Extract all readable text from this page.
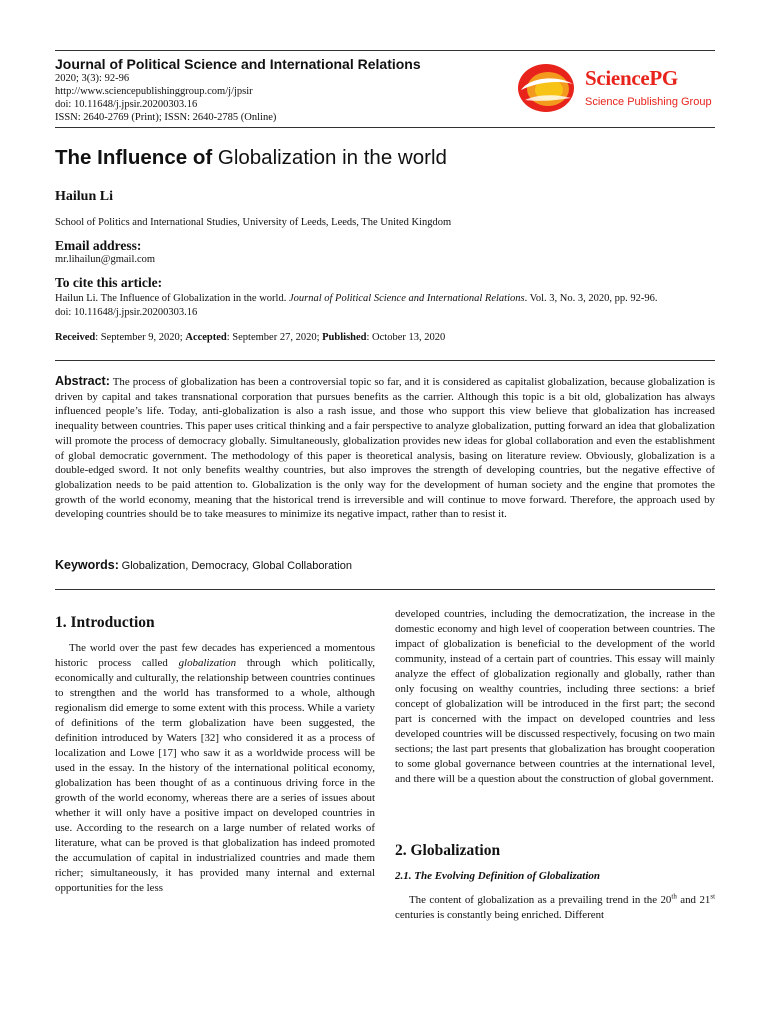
Journal of Political Science and International Relations
2020; 3(3): 92-96
http://www.sciencepublishinggroup.com/j/jpsir
doi: 10.11648/j.jpsir.20200303.16
ISSN: 2640-2769 (Print); ISSN: 2640-2785 (Online)
SciencePG
Science Publishing Group
The Influence of Globalization in the world
Hailun Li
School of Politics and International Studies, University of Leeds, Leeds, The United Kingdom
Email address:
mr.lihailun@gmail.com
To cite this article:
Hailun Li. The Influence of Globalization in the world. Journal of Political Science and International Relations. Vol. 3, No. 3, 2020, pp. 92-96.
doi: 10.11648/j.jpsir.20200303.16
Received: September 9, 2020; Accepted: September 27, 2020; Published: October 13, 2020
Abstract: The process of globalization has been a controversial topic so far, and it is considered as capitalist globalization, because globalization is driven by capital and takes transnational corporation that pursues benefits as the carrier. Although this topic is a bit old, globalization has always influenced people’s life. Today, anti-globalization is also a rash issue, and those who support this view believe that globalization has increased inequality between countries. This paper uses critical thinking and a fair perspective to analyze globalization, putting forward an idea that globalization will promote the process of democracy globally. Simultaneously, globalization provides new ideas for global collaboration and even the establishment of global democratic government. The methodology of this paper is theoretical analysis, basing on literature review. Obviously, globalization is a double-edged sword. It not only benefits wealthy countries, but also improves the strength of developing countries, but the negative effective of globalization needs to be paid attention to. Globalization is the only way for the development of human society and the engine that promotes the growth of the world economy, meaning that the historical trend is irreversible and will continue to move forward. Therefore, the approach used by developing countries should be to take measures to minimize its negative impact, rather than to resist it.
Keywords: Globalization, Democracy, Global Collaboration
1. Introduction
The world over the past few decades has experienced a momentous historic process called globalization through which politically, economically and culturally, the relationship between countries continues to strengthen and the world has transformed to a whole, although regionalism did emerge to some extent with this process. While a variety of definitions of the term globalization have been suggested, the definition introduced by Waters [32] who considered it as a process of localization and Lowe [17] who saw it as a worldwide process will be used in the essay. In the history of the international political economy, globalization has been thought of as a continuous driving force in the growth of the world economy, whereas there are a series of issues about whether it will only have a positive impact on developed countries in use. According to the research on a large number of related works of literature, what can be proved is that globalization has indeed promoted the accumulation of capital in industrialized countries and made them richer; simultaneously, it has provided many internal and external opportunities for the less
developed countries, including the democratization, the increase in the domestic economy and high level of cooperation between countries. The impact of globalization is beneficial to the development of the world community, instead of a certain part of countries. This essay will mainly analyze the effect of globalization regionally and globally, rather than only focusing on wealthy countries, including three sections: a brief concept of globalization will be introduced in the first part; the second part is concerned with the impact on developed countries and less developed countries will be discussed respectively, focusing on two main sections; the last part presents that globalization has brought cooperation to some global governance between countries at the international level, and there will be a question about the construction of global government.
2. Globalization
2.1. The Evolving Definition of Globalization
The content of globalization as a prevailing trend in the 20th and 21st centuries is constantly being enriched. Different
